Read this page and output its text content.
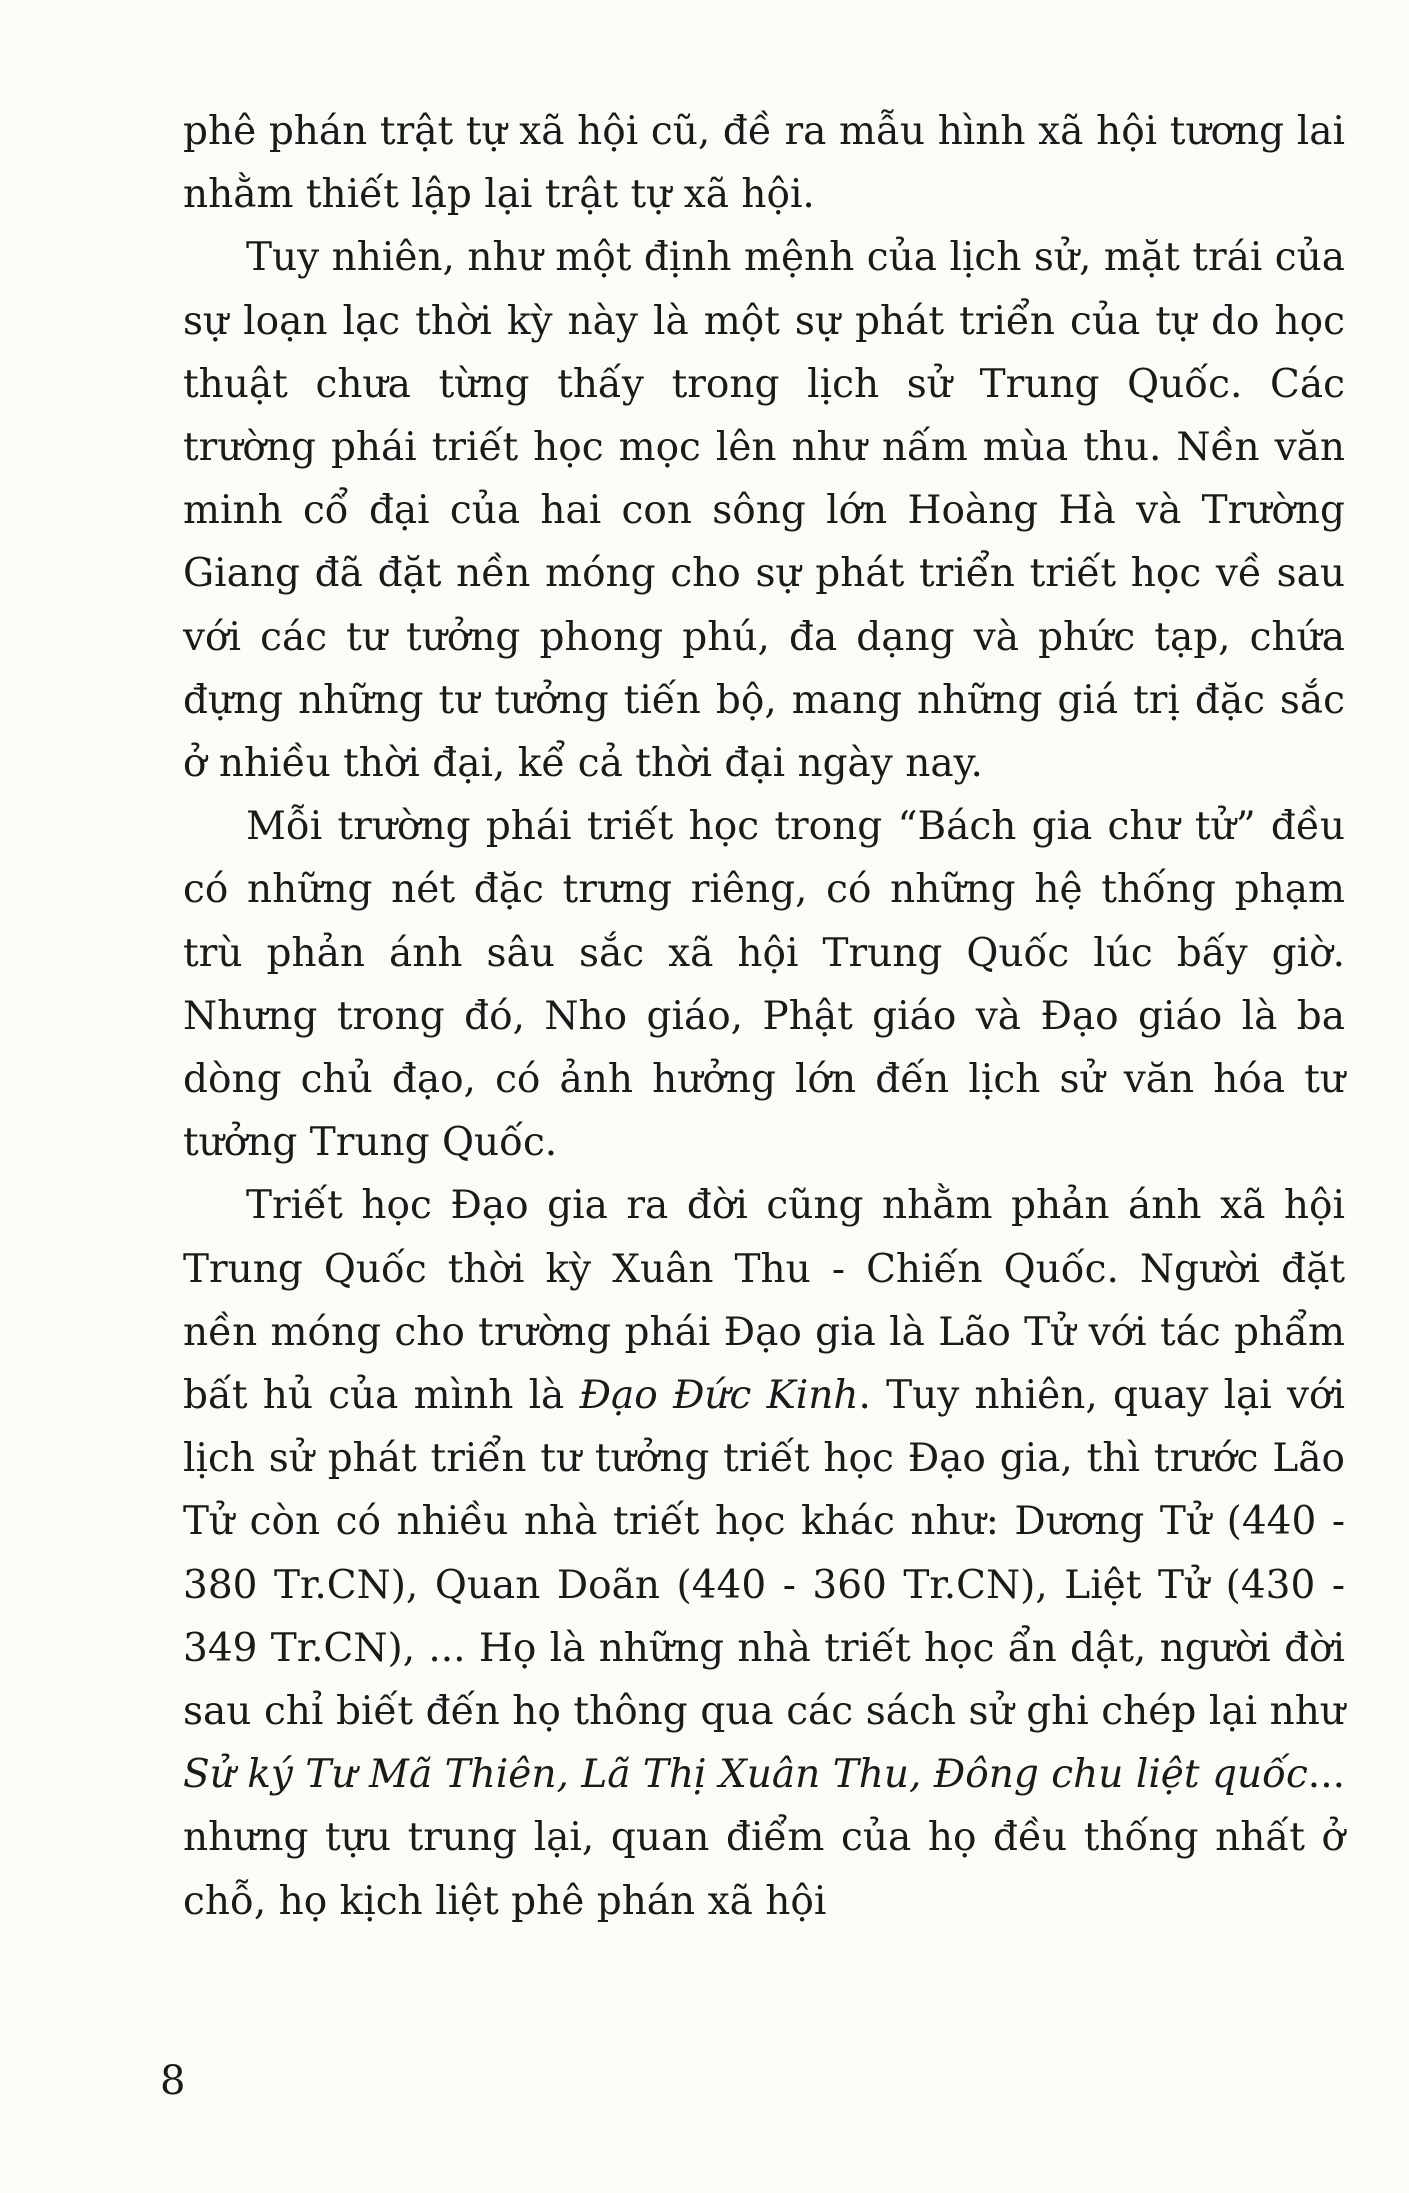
phê phán trật tự xã hội cũ, đề ra mẫu hình xã hội tương lai nhằm thiết lập lại trật tự xã hội.

Tuy nhiên, như một định mệnh của lịch sử, mặt trái của sự loạn lạc thời kỳ này là một sự phát triển của tự do học thuật chưa từng thấy trong lịch sử Trung Quốc. Các trường phái triết học mọc lên như nấm mùa thu. Nền văn minh cổ đại của hai con sông lớn Hoàng Hà và Trường Giang đã đặt nền móng cho sự phát triển triết học về sau với các tư tưởng phong phú, đa dạng và phức tạp, chứa đựng những tư tưởng tiến bộ, mang những giá trị đặc sắc ở nhiều thời đại, kể cả thời đại ngày nay.

Mỗi trường phái triết học trong “Bách gia chư tử” đều có những nét đặc trưng riêng, có những hệ thống phạm trù phản ánh sâu sắc xã hội Trung Quốc lúc bấy giờ. Nhưng trong đó, Nho giáo, Phật giáo và Đạo giáo là ba dòng chủ đạo, có ảnh hưởng lớn đến lịch sử văn hóa tư tưởng Trung Quốc.

Triết học Đạo gia ra đời cũng nhằm phản ánh xã hội Trung Quốc thời kỳ Xuân Thu - Chiến Quốc. Người đặt nền móng cho trường phái Đạo gia là Lão Tử với tác phẩm bất hủ của mình là Đạo Đức Kinh. Tuy nhiên, quay lại với lịch sử phát triển tư tưởng triết học Đạo gia, thì trước Lão Tử còn có nhiều nhà triết học khác như: Dương Tử (440 - 380 Tr.CN), Quan Doãn (440 - 360 Tr.CN), Liệt Tử (430 - 349 Tr.CN), ... Họ là những nhà triết học ẩn dật, người đời sau chỉ biết đến họ thông qua các sách sử ghi chép lại như Sử ký Tư Mã Thiên, Lã Thị Xuân Thu, Đông chu liệt quốc... nhưng tựu trung lại, quan điểm của họ đều thống nhất ở chỗ, họ kịch liệt phê phán xã hội

8
